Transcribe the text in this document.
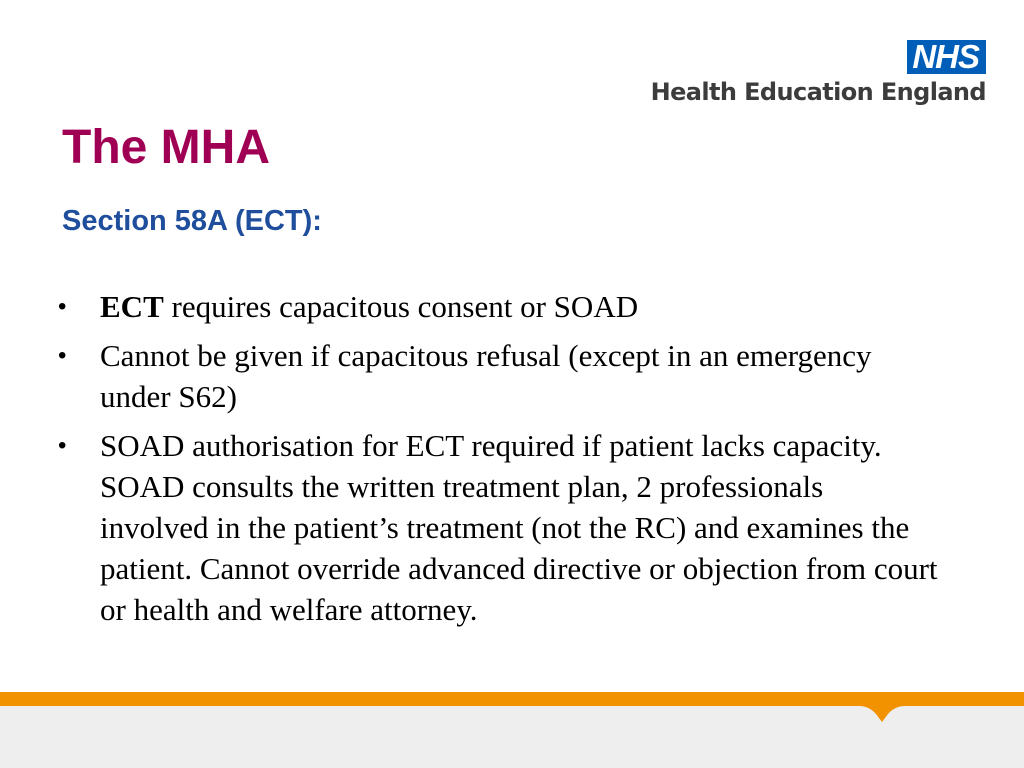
NHS
Health Education England
The MHA
Section 58A (ECT):
• ECT requires capacitous consent or SOAD
• Cannot be given if capacitous refusal (except in an emergency under S62)
• SOAD authorisation for ECT required if patient lacks capacity. SOAD consults the written treatment plan, 2 professionals involved in the patient’s treatment (not the RC) and examines the patient. Cannot override advanced directive or objection from court or health and welfare attorney.
